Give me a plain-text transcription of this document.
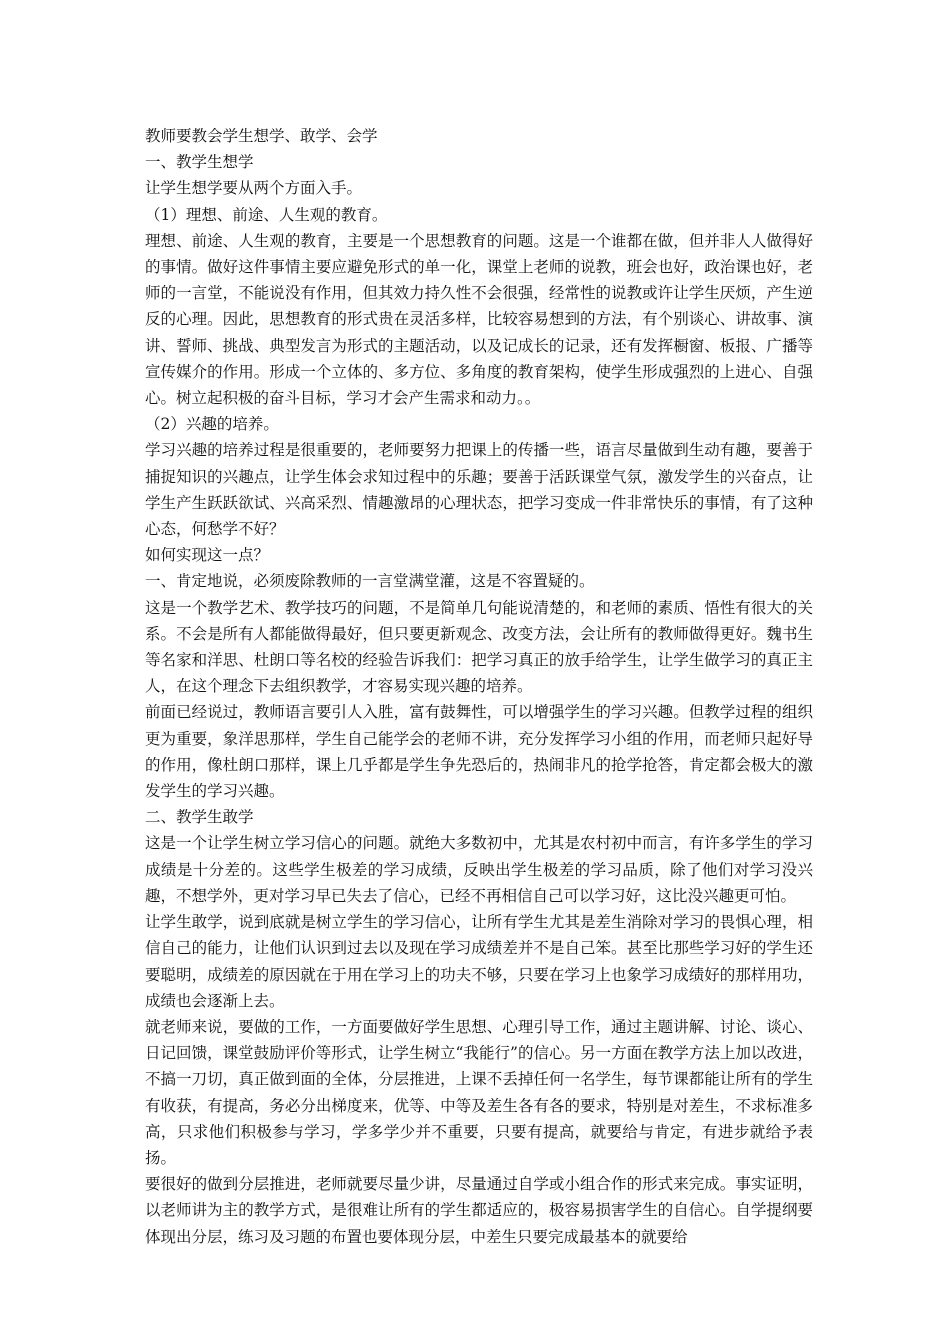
教师要教会学生想学、敢学、会学

一、教学生想学

让学生想学要从两个方面入手。

（1）理想、前途、人生观的教育。

理想、前途、人生观的教育，主要是一个思想教育的问题。这是一个谁都在做，但并非人人做得好的事情。做好这件事情主要应避免形式的单一化，课堂上老师的说教，班会也好，政治课也好，老师的一言堂，不能说没有作用，但其效力持久性不会很强，经常性的说教或许让学生厌烦，产生逆反的心理。因此，思想教育的形式贵在灵活多样，比较容易想到的方法，有个别谈心、讲故事、演讲、誓师、挑战、典型发言为形式的主题活动，以及记成长的记录，还有发挥橱窗、板报、广播等宣传媒介的作用。形成一个立体的、多方位、多角度的教育架构，使学生形成强烈的上进心、自强心。树立起积极的奋斗目标，学习才会产生需求和动力。。

（2）兴趣的培养。

学习兴趣的培养过程是很重要的，老师要努力把课上的传播一些，语言尽量做到生动有趣，要善于捕捉知识的兴趣点，让学生体会求知过程中的乐趣；要善于活跃课堂气氛，激发学生的兴奋点，让学生产生跃跃欲试、兴高采烈、情趣激昂的心理状态，把学习变成一件非常快乐的事情，有了这种心态，何愁学不好？

如何实现这一点？

一、肯定地说，必须废除教师的一言堂满堂灌，这是不容置疑的。

这是一个教学艺术、教学技巧的问题，不是简单几句能说清楚的，和老师的素质、悟性有很大的关系。不会是所有人都能做得最好，但只要更新观念、改变方法，会让所有的教师做得更好。魏书生等名家和洋思、杜朗口等名校的经验告诉我们：把学习真正的放手给学生，让学生做学习的真正主人，在这个理念下去组织教学，才容易实现兴趣的培养。

前面已经说过，教师语言要引人入胜，富有鼓舞性，可以增强学生的学习兴趣。但教学过程的组织更为重要，象洋思那样，学生自己能学会的老师不讲，充分发挥学习小组的作用，而老师只起好导的作用，像杜朗口那样，课上几乎都是学生争先恐后的，热闹非凡的抢学抢答，肯定都会极大的激发学生的学习兴趣。

二、教学生敢学

这是一个让学生树立学习信心的问题。就绝大多数初中，尤其是农村初中而言，有许多学生的学习成绩是十分差的。这些学生极差的学习成绩，反映出学生极差的学习品质，除了他们对学习没兴趣，不想学外，更对学习早已失去了信心，已经不再相信自己可以学习好，这比没兴趣更可怕。

让学生敢学，说到底就是树立学生的学习信心，让所有学生尤其是差生消除对学习的畏惧心理，相信自己的能力，让他们认识到过去以及现在学习成绩差并不是自己笨。甚至比那些学习好的学生还要聪明，成绩差的原因就在于用在学习上的功夫不够，只要在学习上也象学习成绩好的那样用功，成绩也会逐渐上去。

就老师来说，要做的工作，一方面要做好学生思想、心理引导工作，通过主题讲解、讨论、谈心、日记回馈，课堂鼓励评价等形式，让学生树立“我能行”的信心。另一方面在教学方法上加以改进，不搞一刀切，真正做到面的全体，分层推进，上课不丢掉任何一名学生，每节课都能让所有的学生有收获，有提高，务必分出梯度来，优等、中等及差生各有各的要求，特别是对差生，不求标准多高，只求他们积极参与学习，学多学少并不重要，只要有提高，就要给与肯定，有进步就给予表扬。

要很好的做到分层推进，老师就要尽量少讲，尽量通过自学或小组合作的形式来完成。事实证明，以老师讲为主的教学方式，是很难让所有的学生都适应的，极容易损害学生的自信心。自学提纲要体现出分层，练习及习题的布置也要体现分层，中差生只要完成最基本的就要给
